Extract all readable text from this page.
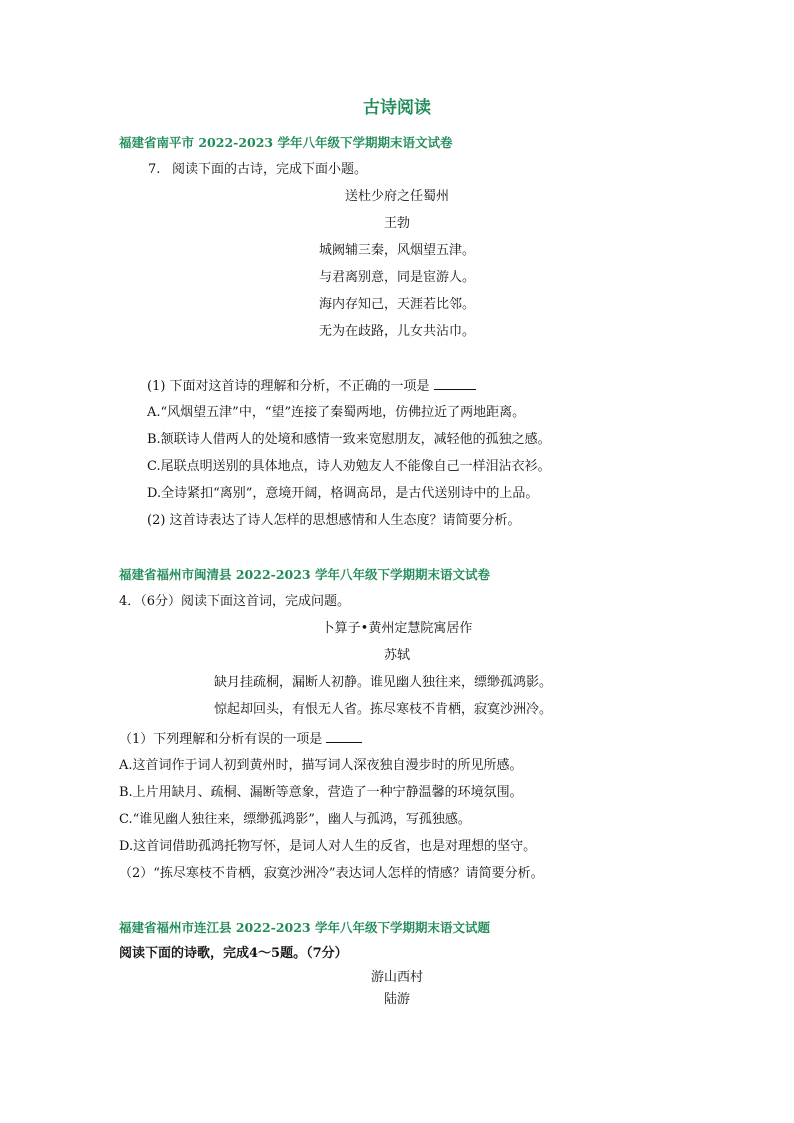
古诗阅读
福建省南平市 2022-2023 学年八年级下学期期末语文试卷
7. 阅读下面的古诗，完成下面小题。
送杜少府之任蜀州
王勃
城阙辅三秦，风烟望五津。
与君离别意，同是宦游人。
海内存知己，天涯若比邻。
无为在歧路，儿女共沾巾。
(1) 下面对这首诗的理解和分析，不正确的一项是
A.“风烟望五津”中，“望”连接了秦蜀两地，仿佛拉近了两地距离。
B.颔联诗人借两人的处境和感情一致来宽慰朋友，减轻他的孤独之感。
C.尾联点明送别的具体地点，诗人劝勉友人不能像自己一样泪沾衣衫。
D.全诗紧扣“离别”，意境开阔，格调高昂，是古代送别诗中的上品。
(2) 这首诗表达了诗人怎样的思想感情和人生态度？请简要分析。
福建省福州市闽清县 2022-2023 学年八年级下学期期末语文试卷
4．（6分）阅读下面这首词，完成问题。
卜算子•黄州定慧院寓居作
苏轼
缺月挂疏桐，漏断人初静。谁见幽人独往来，缥缈孤鸿影。
惊起却回头，有恨无人省。拣尽寒枝不肯栖，寂寞沙洲冷。
（1）下列理解和分析有误的一项是
A.这首词作于词人初到黄州时，描写词人深夜独自漫步时的所见所感。
B.上片用缺月、疏桐、漏断等意象，营造了一种宁静温馨的环境氛围。
C.“谁见幽人独往来，缥缈孤鸿影”，幽人与孤鸿，写孤独感。
D.这首词借助孤鸿托物写怀，是词人对人生的反省，也是对理想的坚守。
（2）“拣尽寒枝不肯栖，寂寞沙洲冷”表达词人怎样的情感？请简要分析。
福建省福州市连江县 2022-2023 学年八年级下学期期末语文试题
阅读下面的诗歌，完成4～5题。（7分）
游山西村
陆游
